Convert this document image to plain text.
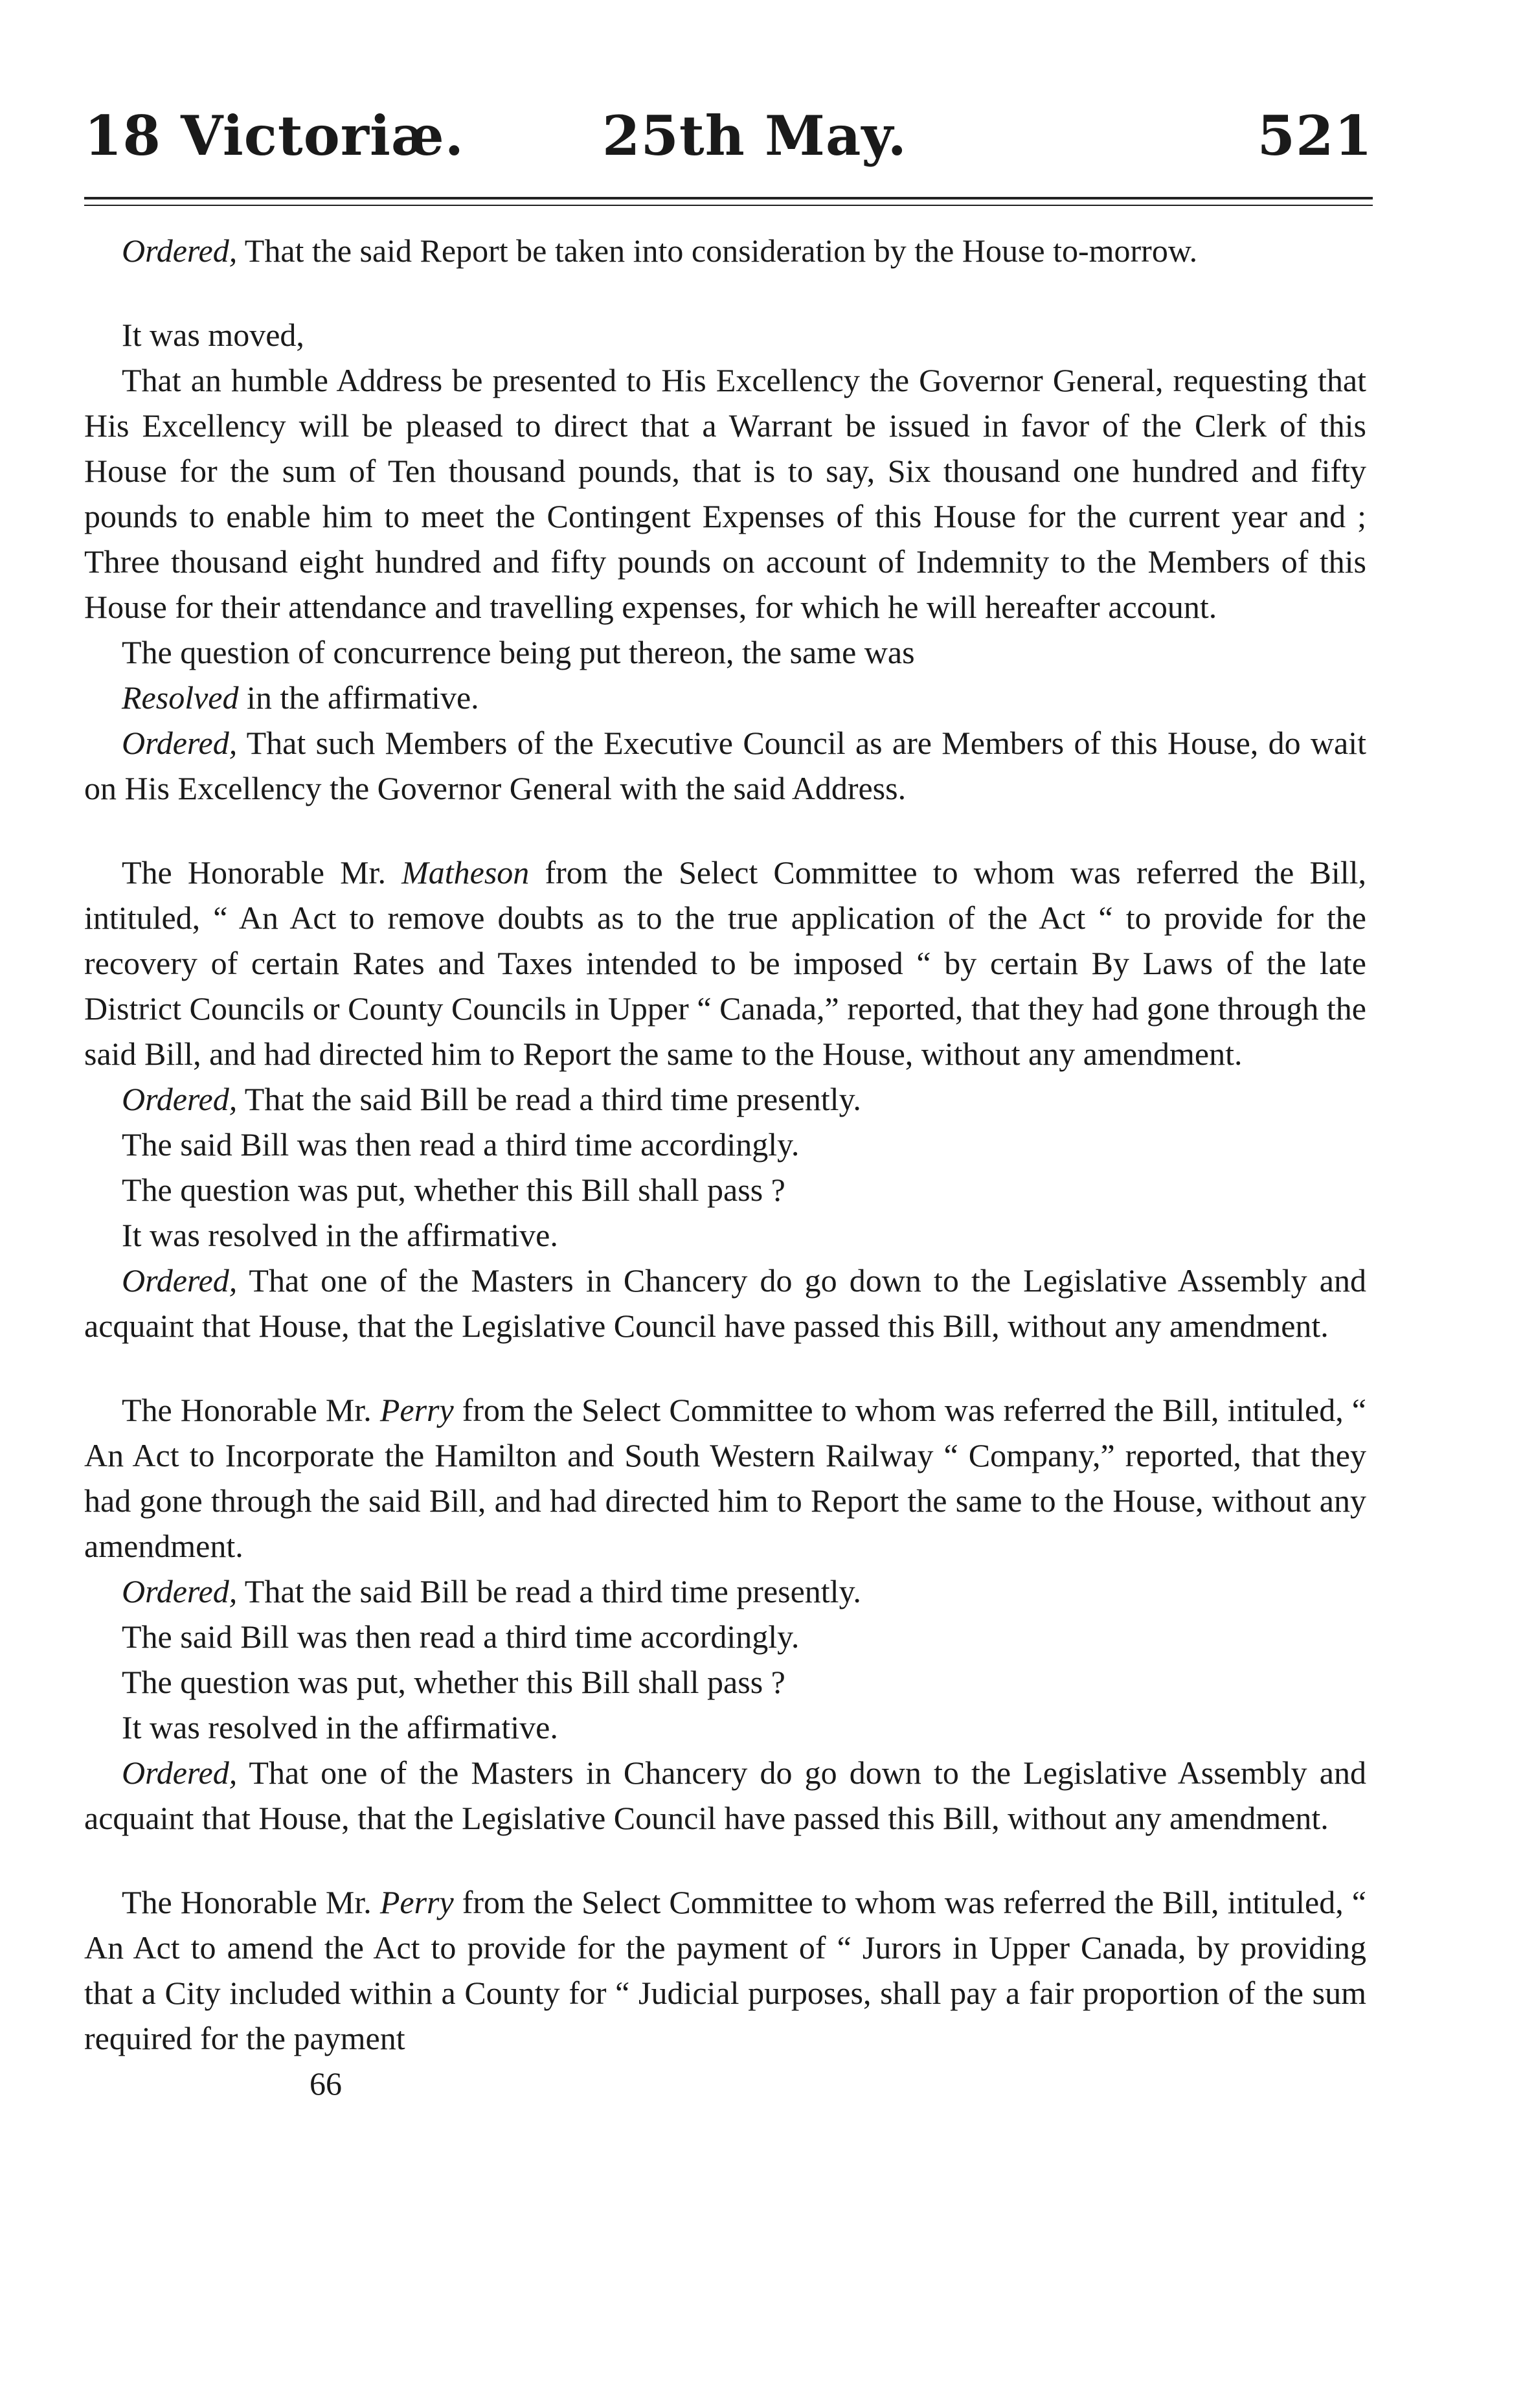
18 Victoriæ.	25th May.	521

Ordered, That the said Report be taken into consideration by the House to-morrow.

It was moved,

That an humble Address be presented to His Excellency the Governor General, requesting that His Excellency will be pleased to direct that a Warrant be issued in favor of the Clerk of this House for the sum of Ten thousand pounds, that is to say, Six thousand one hundred and fifty pounds to enable him to meet the Contingent Expenses of this House for the current year and ; Three thousand eight hundred and fifty pounds on account of Indemnity to the Members of this House for their attendance and travelling expenses, for which he will hereafter account.

The question of concurrence being put thereon, the same was

Resolved in the affirmative.

Ordered, That such Members of the Executive Council as are Members of this House, do wait on His Excellency the Governor General with the said Address.

The Honorable Mr. Matheson from the Select Committee to whom was referred the Bill, intituled, “ An Act to remove doubts as to the true application of the Act “ to provide for the recovery of certain Rates and Taxes intended to be imposed “ by certain By Laws of the late District Councils or County Councils in Upper “ Canada,” reported, that they had gone through the said Bill, and had directed him to Report the same to the House, without any amendment.

Ordered, That the said Bill be read a third time presently.

The said Bill was then read a third time accordingly.

The question was put, whether this Bill shall pass ?

It was resolved in the affirmative.

Ordered, That one of the Masters in Chancery do go down to the Legislative Assembly and acquaint that House, that the Legislative Council have passed this Bill, without any amendment.

The Honorable Mr. Perry from the Select Committee to whom was referred the Bill, intituled, “ An Act to Incorporate the Hamilton and South Western Railway “ Company,” reported, that they had gone through the said Bill, and had directed him to Report the same to the House, without any amendment.

Ordered, That the said Bill be read a third time presently.

The said Bill was then read a third time accordingly.

The question was put, whether this Bill shall pass ?

It was resolved in the affirmative.

Ordered, That one of the Masters in Chancery do go down to the Legislative Assembly and acquaint that House, that the Legislative Council have passed this Bill, without any amendment.

The Honorable Mr. Perry from the Select Committee to whom was referred the Bill, intituled, “ An Act to amend the Act to provide for the payment of “ Jurors in Upper Canada, by providing that a City included within a County for “ Judicial purposes, shall pay a fair proportion of the sum required for the payment

66
